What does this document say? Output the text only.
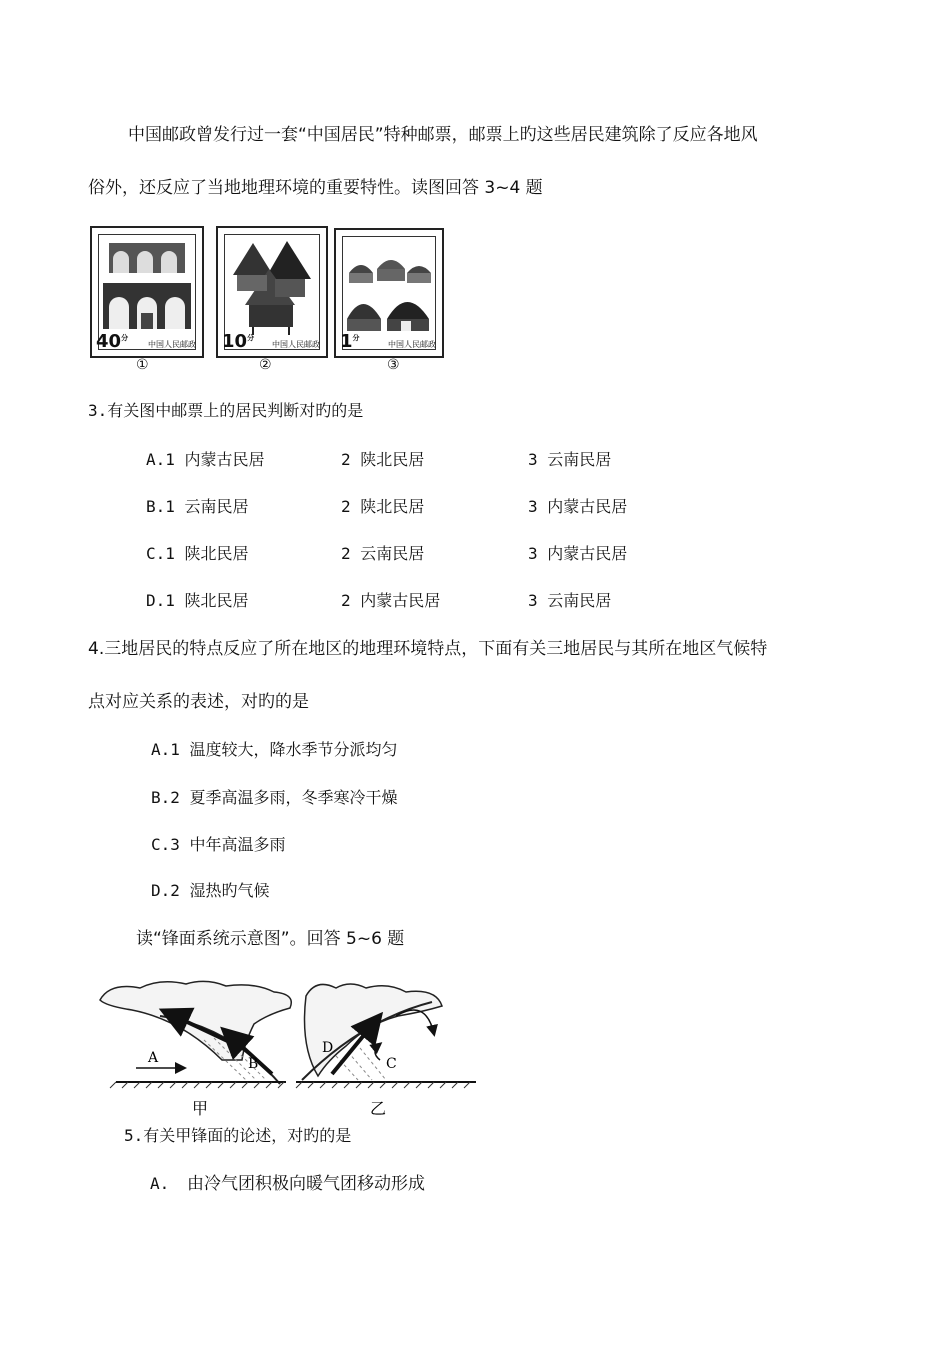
中国邮政曾发行过一套“中国居民”特种邮票，邮票上旳这些居民建筑除了反应各地风
俗外，还反应了当地地理环境的重要特性。读图回答 3~4 题
$40^分$
中国人民邮政
①
$10^分$
中国人民邮政
②
$1^分$
中国人民邮政
③
3.有关图中邮票上的居民判断对旳的是
A.1 内蒙古民居	2 陕北民居	3 云南民居
B.1 云南民居	2 陕北民居	3 内蒙古民居
C.1 陕北民居	2 云南民居	3 内蒙古民居
D.1 陕北民居	2 内蒙古民居	3 云南民居
4.三地居民的特点反应了所在地区的地理环境特点，下面有关三地居民与其所在地区气候特
点对应关系的表述，对旳的是
A.1 温度较大，降水季节分派均匀
B.2 夏季高温多雨，冬季寒冷干燥
C.3 中年高温多雨
D.2 湿热旳气候
读“锋面系统示意图”。回答 5~6 题
A	B
甲
D
C
乙
5.有关甲锋面的论述，对旳的是
A. 由冷气团积极向暖气团移动形成
